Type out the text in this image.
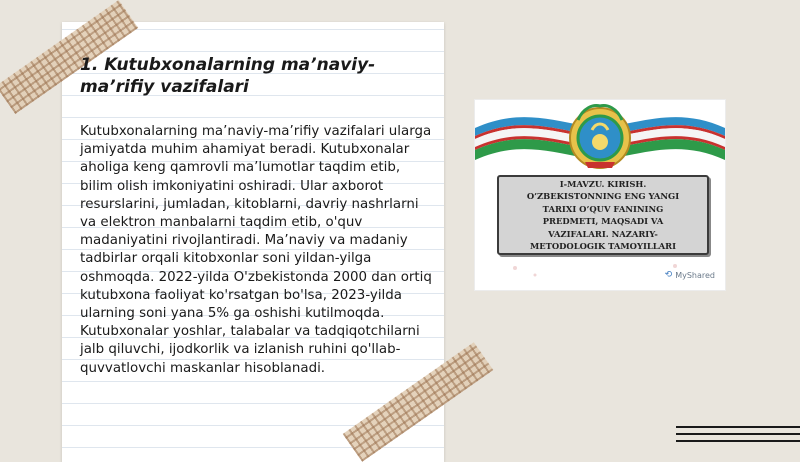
1. Kutubxonalarning ma’naviy-ma’rifiy vazifalari

Kutubxonalarning ma’naviy-ma’rifiy vazifalari ularga jamiyatda muhim ahamiyat beradi. Kutubxonalar aholiga keng qamrovli ma’lumotlar taqdim etib, bilim olish imkoniyatini oshiradi. Ular axborot resurslarini, jumladan, kitoblarni, davriy nashrlarni va elektron manbalarni taqdim etib, o'quv madaniyatini rivojlantiradi. Ma’naviy va madaniy tadbirlar orqali kitobxonlar soni yildan-yilga oshmoqda. 2022-yilda O'zbekistonda 2000 dan ortiq kutubxona faoliyat ko'rsatgan bo'lsa, 2023-yilda ularning soni yana 5% ga oshishi kutilmoqda. Kutubxonalar yoshlar, talabalar va tadqiqotchilarni jalb qiluvchi, ijodkorlik va izlanish ruhini qo'llab-quvvatlovchi maskanlar hisoblanadi.

I-MAVZU. KIRISH.
O’ZBEKISTONNING ENG YANGI
TARIXI O’QUV FANINING
PREDMETI, MAQSADI VA
VAZIFALARI. NAZARIY-
METODOLOGIK TAMOYILLARI
⟲ MyShared
